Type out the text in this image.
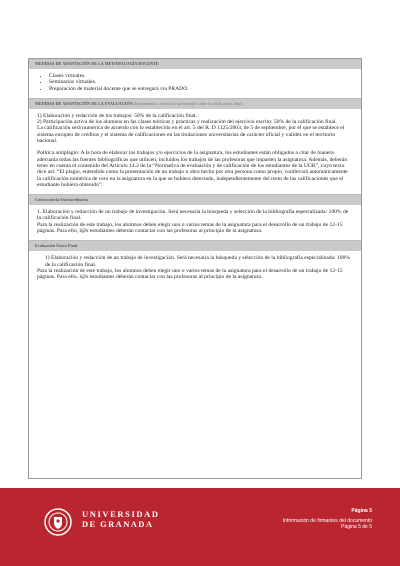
MEDIDAS DE ADAPTACIÓN DE LA METODOLOGÍA DOCENTE
• Clases virtuales.
• Seminarios virtuales.
• Preparación de material docente que se entregará vía PRADO.
MEDIDAS DE ADAPTACIÓN DE LA EVALUACIÓN (Instrumentos, criterios y porcentajes sobre la calificación final)

1) Elaboración y redacción de los trabajos: 50% de la calificación final.

2) Participación activa de los alumnos en las clases teóricas y prácticas y realización del ejercicio escrito: 50% de la calificación final.

La calificación será numérica de acuerdo con lo establecido en el art. 5 del R. D 1125/2003, de 5 de septiembre, por el que se establece el sistema europeo de créditos y el sistema de calificaciones en las titulaciones universitarias de carácter oficial y validez en el territorio nacional.

Política antiplagio: A la hora de elaborar los trabajos y/o ejercicios de la asignatura, los estudiantes están obligados a citar de manera adecuada todas las fuentes bibliográficas que utilicen, incluidos los trabajos de las profesoras que imparten la asignatura. Además, deberán tener en cuenta el contenido del Artículo 14.2 de la “Normativa de evaluación y de calificación de los estudiantes de la UGR”, cuyo texto dice así: “El plagio, entendido como la presentación de un trabajo u obra hecho por otra persona como propio, conllevará automáticamente la calificación numérica de cero en la asignatura en la que se hubiera detectado, independientemente del resto de las calificaciones que el estudiante hubiera obtenido”.

Convocatoria Extraordinaria

1. Elaboración y redacción de un trabajo de investigación. Será necesaria la búsqueda y selección de la bibliografía especializada: 100% de la calificación final.

Para la realización de este trabajo, los alumnos deben elegir uno o varios temas de la asignatura para el desarrollo de un trabajo de 12-15 páginas. Para ello, l@s estudiantes deberán contactar con las profesoras al principio de la asignatura.

Evaluación Única Final

1) Elaboración y redacción de un trabajo de investigación. Será necesaria la búsqueda y selección de la bibliografía especializada: 100% de la calificación final.

Para la realización de este trabajo, los alumnos deben elegir uno o varios temas de la asignatura para el desarrollo de un trabajo de 12-15 páginas. Para ello, l@s estudiantes deberán contactar con las profesoras al principio de la asignatura.

UNIVERSIDAD
DE GRANADA
Página 5
Información de firmantes del documento
Página 5 de 5
